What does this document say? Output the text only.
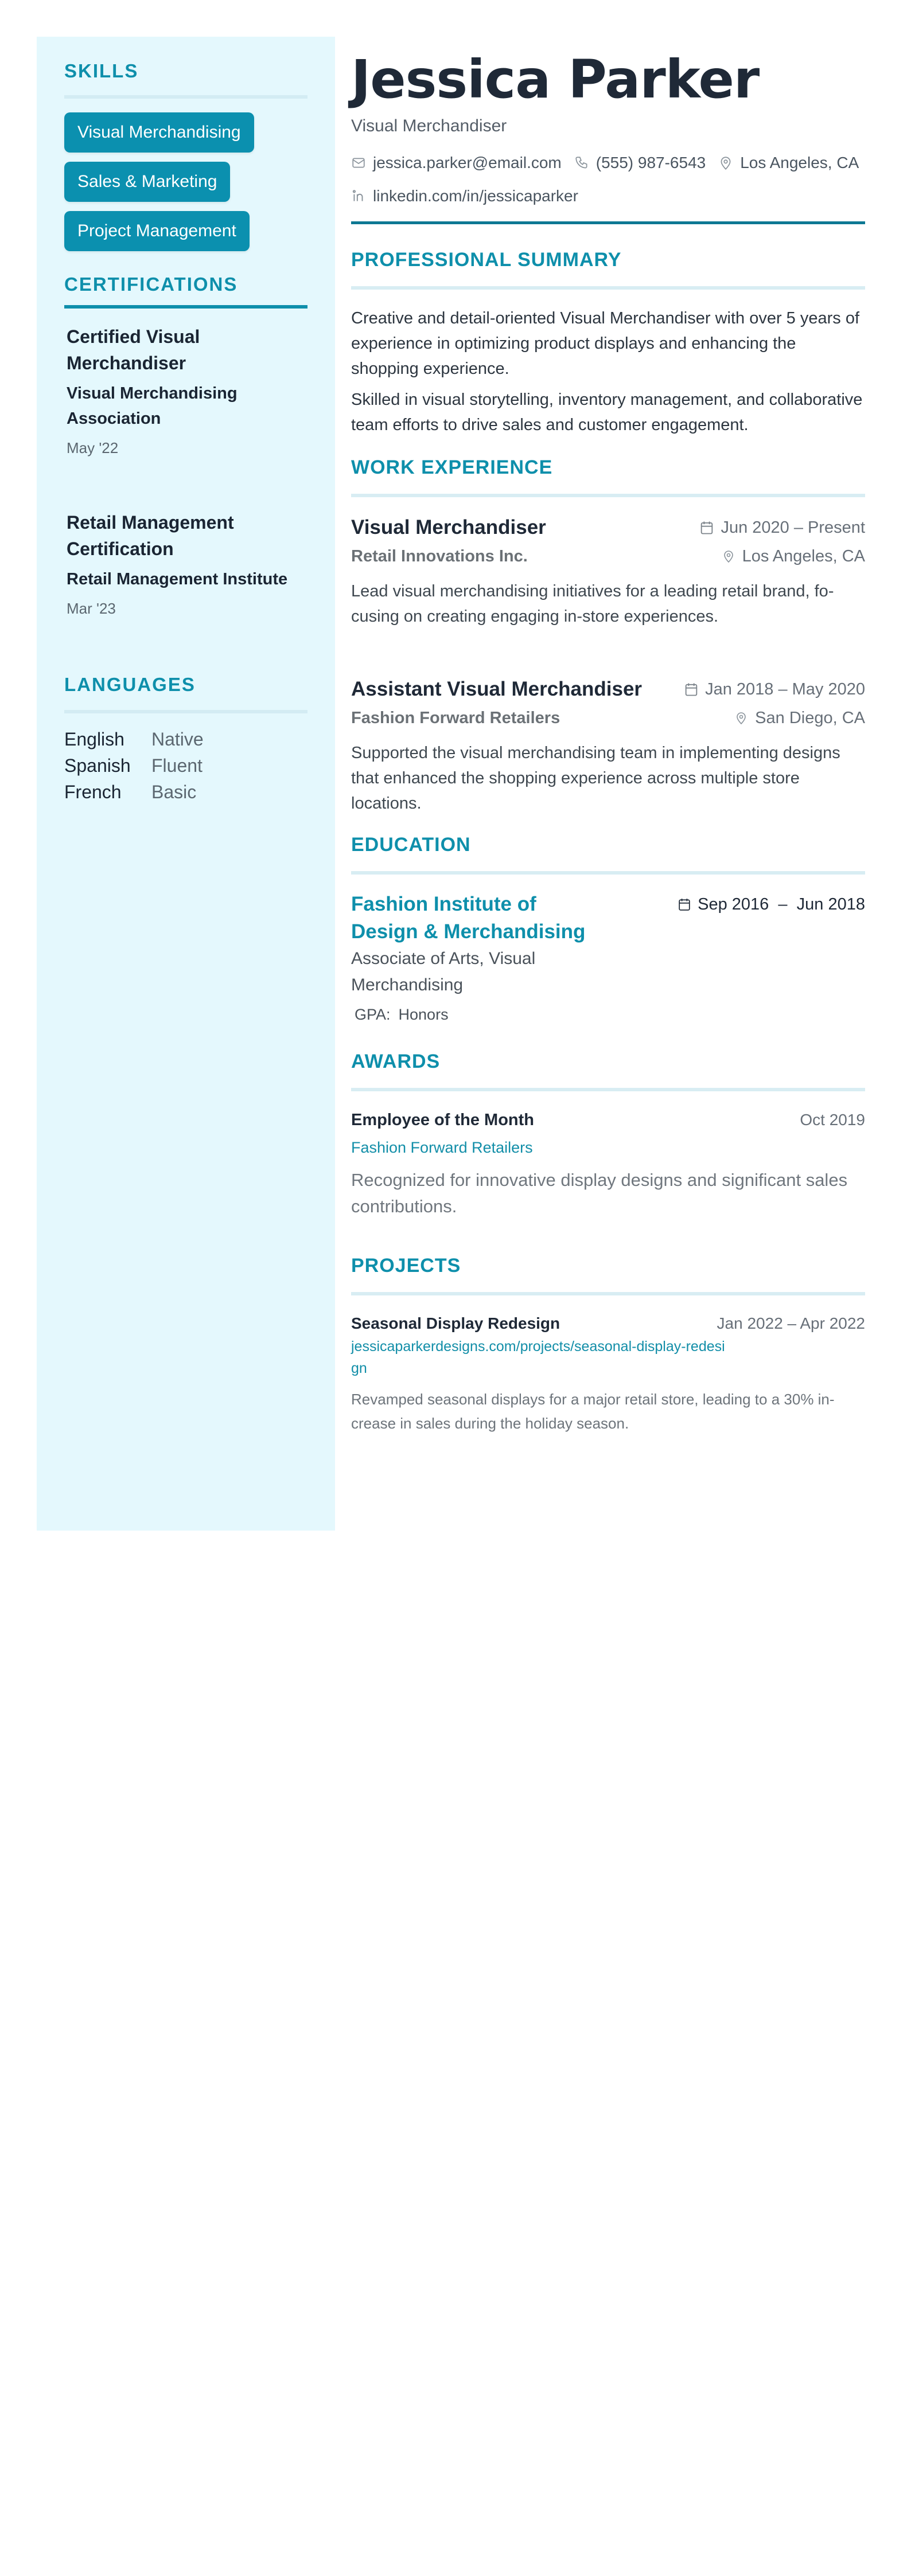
SKILLS
Visual Merchandising
Sales & Marketing
Project Management
CERTIFICATIONS
Certified Visual Merchandiser
Visual Merchandising Association
May '22
Retail Management Certification
Retail Management Institute
Mar '23
LANGUAGES
English	Native
Spanish	Fluent
French	Basic
Jessica Parker
Visual Merchandiser
jessica.parker@email.com (555) 987-6543 Los Angeles, CA
linkedin.com/in/jessicaparker
PROFESSIONAL SUMMARY

Creative and detail-oriented Visual Merchandiser with over 5 years of experience in optimizing product displays and enhancing the shopping experience.

Skilled in visual storytelling, inventory management, and collaborative team efforts to drive sales and customer engagement.

WORK EXPERIENCE
Visual Merchandiser	Jun 2020 – Present
Retail Innovations Inc.	Los Angeles, CA
Lead visual merchandising initiatives for a leading retail brand, focusing on creating engaging in-store experiences.
Assistant Visual Merchandiser	Jan 2018 – May 2020
Fashion Forward Retailers	San Diego, CA
Supported the visual merchandising team in implementing designs that enhanced the shopping experience across multiple store locations.
EDUCATION
Fashion Institute of Design & Merchandising
Sep 2016  –  Jun 2018
Associate of Arts, Visual Merchandising
GPA: Honors
AWARDS
Employee of the Month	Oct 2019
Fashion Forward Retailers
Recognized for innovative display designs and significant sales contributions.
PROJECTS
Seasonal Display Redesign	Jan 2022 – Apr 2022
jessicaparkerdesigns.com/projects/seasonal-display-redesign
Revamped seasonal displays for a major retail store, leading to a 30% increase in sales during the holiday season.
